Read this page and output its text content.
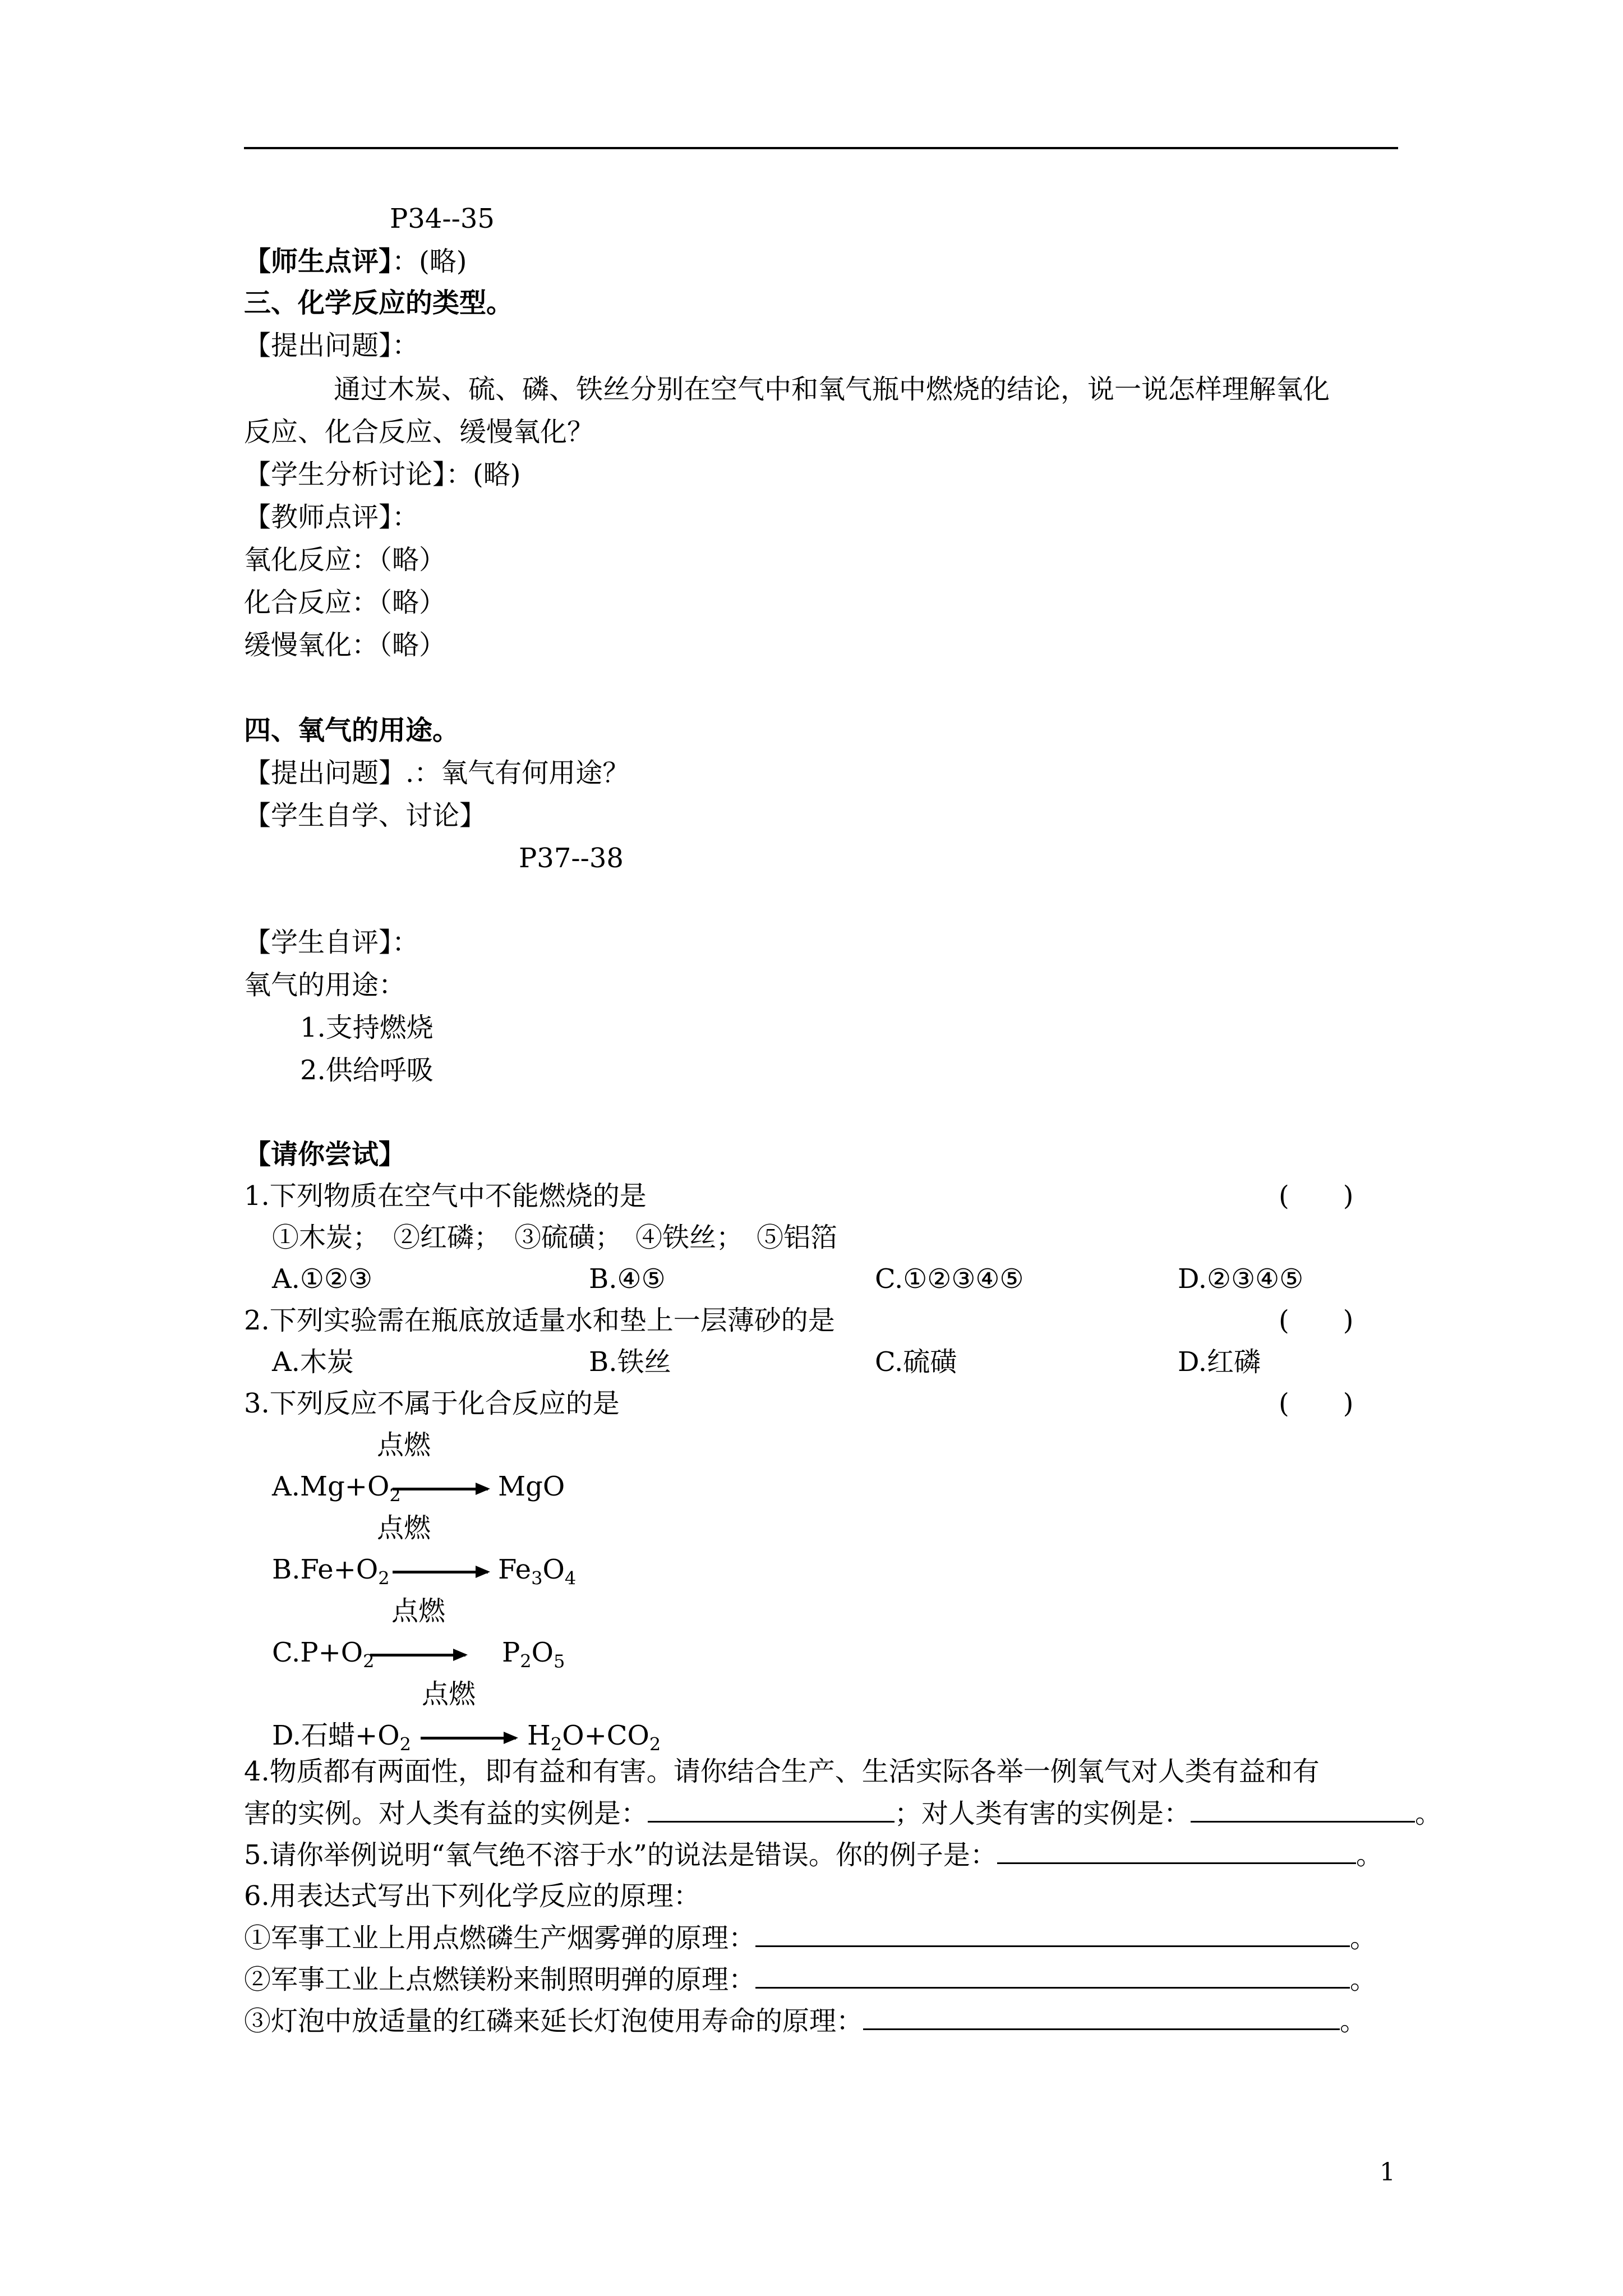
P34--35
【师生点评】：(略)
三、化学反应的类型。
【提出问题】：
通过木炭、硫、磷、铁丝分别在空气中和氧气瓶中燃烧的结论，说一说怎样理解氧化
反应、化合反应、缓慢氧化？
【学生分析讨论】：(略)
【教师点评】：
氧化反应：（略）
化合反应：（略）
缓慢氧化：（略）
四、氧气的用途。
【提出问题】.：氧气有何用途？
【学生自学、讨论】
P37--38
【学生自评】：
氧气的用途：
1.支持燃烧
2.供给呼吸
【请你尝试】
1.下列物质在空气中不能燃烧的是	(　　)
①木炭；　②红磷；　③硫磺；　④铁丝；　⑤铝箔
A.①②③	B.④⑤	C.①②③④⑤	D.②③④⑤
2.下列实验需在瓶底放适量水和垫上一层薄砂的是	(　　)
A.木炭	B.铁丝	C.硫磺	D.红磷
3.下列反应不属于化合反应的是	(　　)
点燃
$A.Mg+O_2$	MgO
点燃
$B.Fe+O_2$	$Fe_3O_4$
点燃
$C.P+O_2$	$P_2O_5$
点燃
D.石蜡$+O_2$	$H_2O+CO_2$
4.物质都有两面性，即有益和有害。请你结合生产、生活实际各举一例氧气对人类有益和有
害的实例。对人类有益的实例是：	；对人类有害的实例是：	。
5.请你举例说明“氧气绝不溶于水”的说法是错误。你的例子是：	。
6.用表达式写出下列化学反应的原理：
①军事工业上用点燃磷生产烟雾弹的原理：	。
②军事工业上点燃镁粉来制照明弹的原理：	。
③灯泡中放适量的红磷来延长灯泡使用寿命的原理：	。
1
